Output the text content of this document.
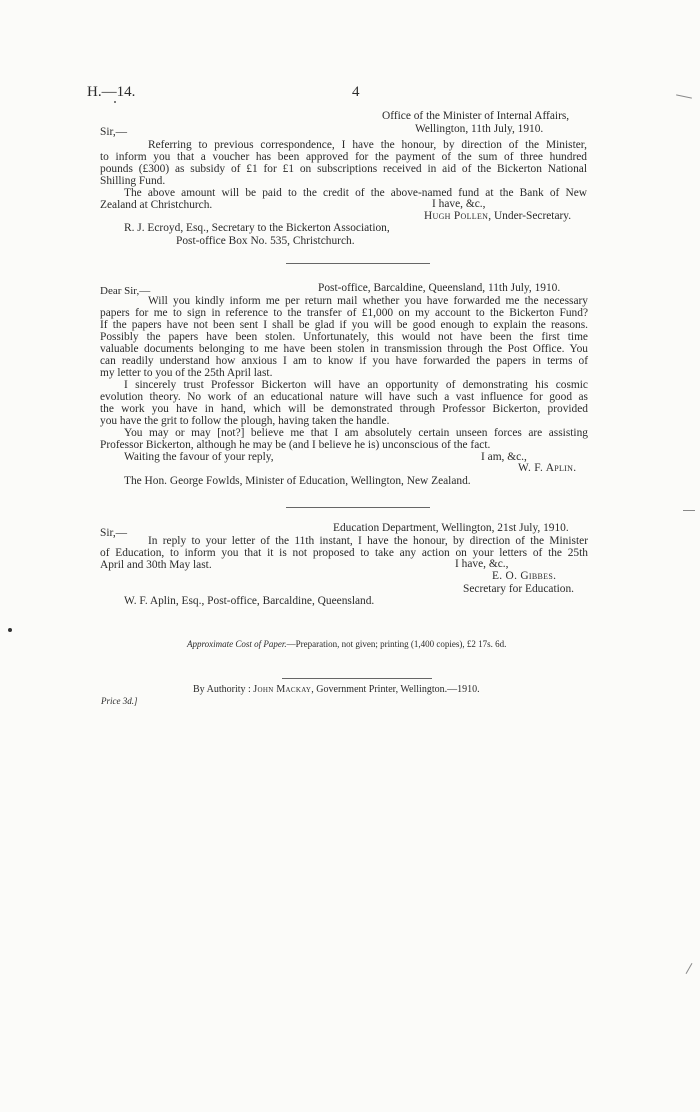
H.—14.	4
Office of the Minister of Internal Affairs,
Wellington, 11th July, 1910.
Sir,—
Referring to previous correspondence, I have the honour, by direction of the Minister,
to inform you that a voucher has been approved for the payment of the sum of three hundred
pounds (£300) as subsidy of £1 for £1 on subscriptions received in aid of the Bickerton National
Shilling Fund.
The above amount will be paid to the credit of the above-named fund at the Bank of New
Zealand at Christchurch.	I have, &c.,
Hugh Pollen, Under-Secretary.
R. J. Ecroyd, Esq., Secretary to the Bickerton Association,
Post-office Box No. 535, Christchurch.
Dear Sir,—	Post-office, Barcaldine, Queensland, 11th July, 1910.
Will you kindly inform me per return mail whether you have forwarded me the necessary
papers for me to sign in reference to the transfer of £1,000 on my account to the Bickerton Fund?
If the papers have not been sent I shall be glad if you will be good enough to explain the reasons.
Possibly the papers have been stolen. Unfortunately, this would not have been the first time
valuable documents belonging to me have been stolen in transmission through the Post Office. You
can readily understand how anxious I am to know if you have forwarded the papers in terms of
my letter to you of the 25th April last.
I sincerely trust Professor Bickerton will have an opportunity of demonstrating his cosmic
evolution theory. No work of an educational nature will have such a vast influence for good as
the work you have in hand, which will be demonstrated through Professor Bickerton, provided
you have the grit to follow the plough, having taken the handle.
You may or may [not?] believe me that I am absolutely certain unseen forces are assisting
Professor Bickerton, although he may be (and I believe he is) unconscious of the fact.
Waiting the favour of your reply,	I am, &c.,
W. F. Aplin.
The Hon. George Fowlds, Minister of Education, Wellington, New Zealand.
Sir,—	Education Department, Wellington, 21st July, 1910.
In reply to your letter of the 11th instant, I have the honour, by direction of the Minister
of Education, to inform you that it is not proposed to take any action on your letters of the 25th
April and 30th May last.	I have, &c.,
E. O. Gibbes.
Secretary for Education.
W. F. Aplin, Esq., Post-office, Barcaldine, Queensland.
Approximate Cost of Paper.—Preparation, not given; printing (1,400 copies), £2 17s. 6d.
By Authority : John Mackay, Government Printer, Wellington.—1910.
Price 3d.]
